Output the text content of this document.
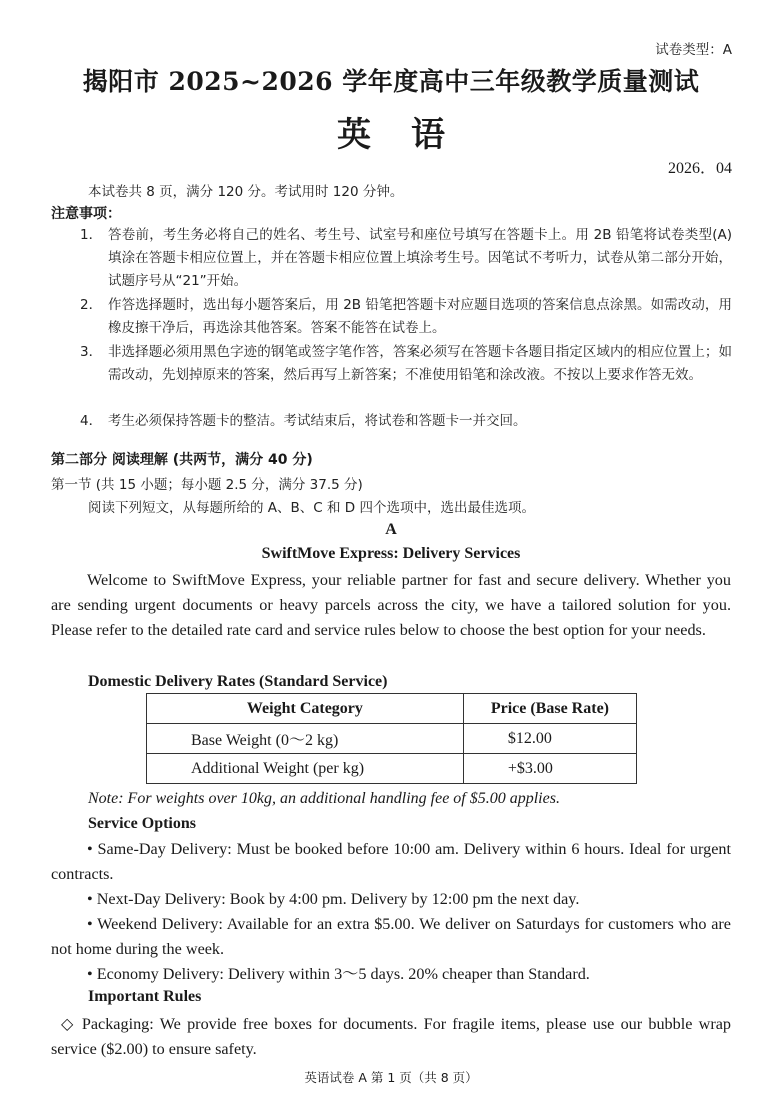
试卷类型：A
揭阳市 2025~2026 学年度高中三年级教学质量测试
英语
2026．04
本试卷共 8 页，满分 120 分。考试用时 120 分钟。
注意事项：
1． 答卷前，考生务必将自己的姓名、考生号、试室号和座位号填写在答题卡上。用 2B 铅笔将试卷类型(A)填涂在答题卡相应位置上，并在答题卡相应位置上填涂考生号。因笔试不考听力，试卷从第二部分开始，试题序号从“21”开始。
2． 作答选择题时，选出每小题答案后，用 2B 铅笔把答题卡对应题目选项的答案信息点涂黑。如需改动，用橡皮擦干净后，再选涂其他答案。答案不能答在试卷上。
3． 非选择题必须用黑色字迹的钢笔或签字笔作答，答案必须写在答题卡各题目指定区域内的相应位置上；如需改动，先划掉原来的答案，然后再写上新答案；不准使用铅笔和涂改液。不按以上要求作答无效。
4． 考生必须保持答题卡的整洁。考试结束后，将试卷和答题卡一并交回。
第二部分 阅读理解 (共两节，满分 40 分)
第一节 (共 15 小题；每小题 2.5 分，满分 37.5 分)
阅读下列短文，从每题所给的 A、B、C 和 D 四个选项中，选出最佳选项。
A
SwiftMove Express: Delivery Services
Welcome to SwiftMove Express, your reliable partner for fast and secure delivery. Whether you are sending urgent documents or heavy parcels across the city, we have a tailored solution for you. Please refer to the detailed rate card and service rules below to choose the best option for your needs.
Domestic Delivery Rates (Standard Service)
Weight Category	Price (Base Rate)
Base Weight (0～2 kg)	$12.00
Additional Weight (per kg)	+$3.00
Note: For weights over 10kg, an additional handling fee of $5.00 applies.
Service Options
• Same-Day Delivery: Must be booked before 10:00 am. Delivery within 6 hours. Ideal for urgent contracts.
• Next-Day Delivery: Book by 4:00 pm. Delivery by 12:00 pm the next day.
• Weekend Delivery: Available for an extra $5.00. We deliver on Saturdays for customers who are not home during the week.
• Economy Delivery: Delivery within 3～5 days. 20% cheaper than Standard.
Important Rules
◇ Packaging: We provide free boxes for documents. For fragile items, please use our bubble wrap service ($2.00) to ensure safety.
英语试卷 A 第 1 页（共 8 页）
